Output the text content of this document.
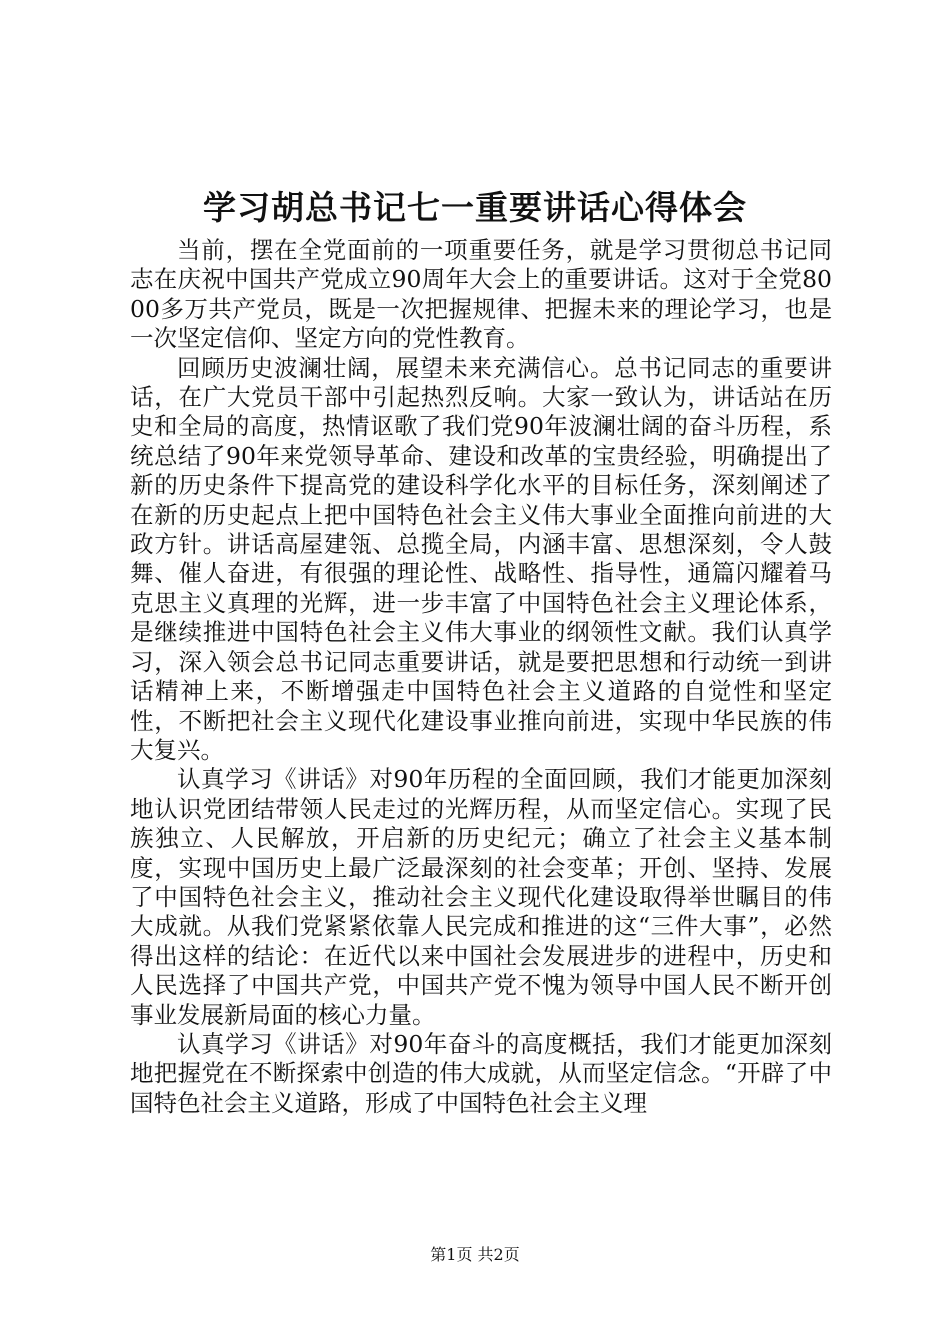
学习胡总书记七一重要讲话心得体会

当前，摆在全党面前的一项重要任务，就是学习贯彻总书记同志在庆祝中国共产党成立90周年大会上的重要讲话。这对于全党8000多万共产党员，既是一次把握规律、把握未来的理论学习，也是一次坚定信仰、坚定方向的党性教育。

回顾历史波澜壮阔，展望未来充满信心。总书记同志的重要讲话，在广大党员干部中引起热烈反响。大家一致认为，讲话站在历史和全局的高度，热情讴歌了我们党90年波澜壮阔的奋斗历程，系统总结了90年来党领导革命、建设和改革的宝贵经验，明确提出了新的历史条件下提高党的建设科学化水平的目标任务，深刻阐述了在新的历史起点上把中国特色社会主义伟大事业全面推向前进的大政方针。讲话高屋建瓴、总揽全局，内涵丰富、思想深刻，令人鼓舞、催人奋进，有很强的理论性、战略性、指导性，通篇闪耀着马克思主义真理的光辉，进一步丰富了中国特色社会主义理论体系，是继续推进中国特色社会主义伟大事业的纲领性文献。我们认真学习，深入领会总书记同志重要讲话，就是要把思想和行动统一到讲话精神上来，不断增强走中国特色社会主义道路的自觉性和坚定性，不断把社会主义现代化建设事业推向前进，实现中华民族的伟大复兴。

认真学习《讲话》对90年历程的全面回顾，我们才能更加深刻地认识党团结带领人民走过的光辉历程，从而坚定信心。实现了民族独立、人民解放，开启新的历史纪元；确立了社会主义基本制度，实现中国历史上最广泛最深刻的社会变革；开创、坚持、发展了中国特色社会主义，推动社会主义现代化建设取得举世瞩目的伟大成就。从我们党紧紧依靠人民完成和推进的这“三件大事”，必然得出这样的结论：在近代以来中国社会发展进步的进程中，历史和人民选择了中国共产党，中国共产党不愧为领导中国人民不断开创事业发展新局面的核心力量。

认真学习《讲话》对90年奋斗的高度概括，我们才能更加深刻地把握党在不断探索中创造的伟大成就，从而坚定信念。“开辟了中国特色社会主义道路，形成了中国特色社会主义理

第1页 共2页
